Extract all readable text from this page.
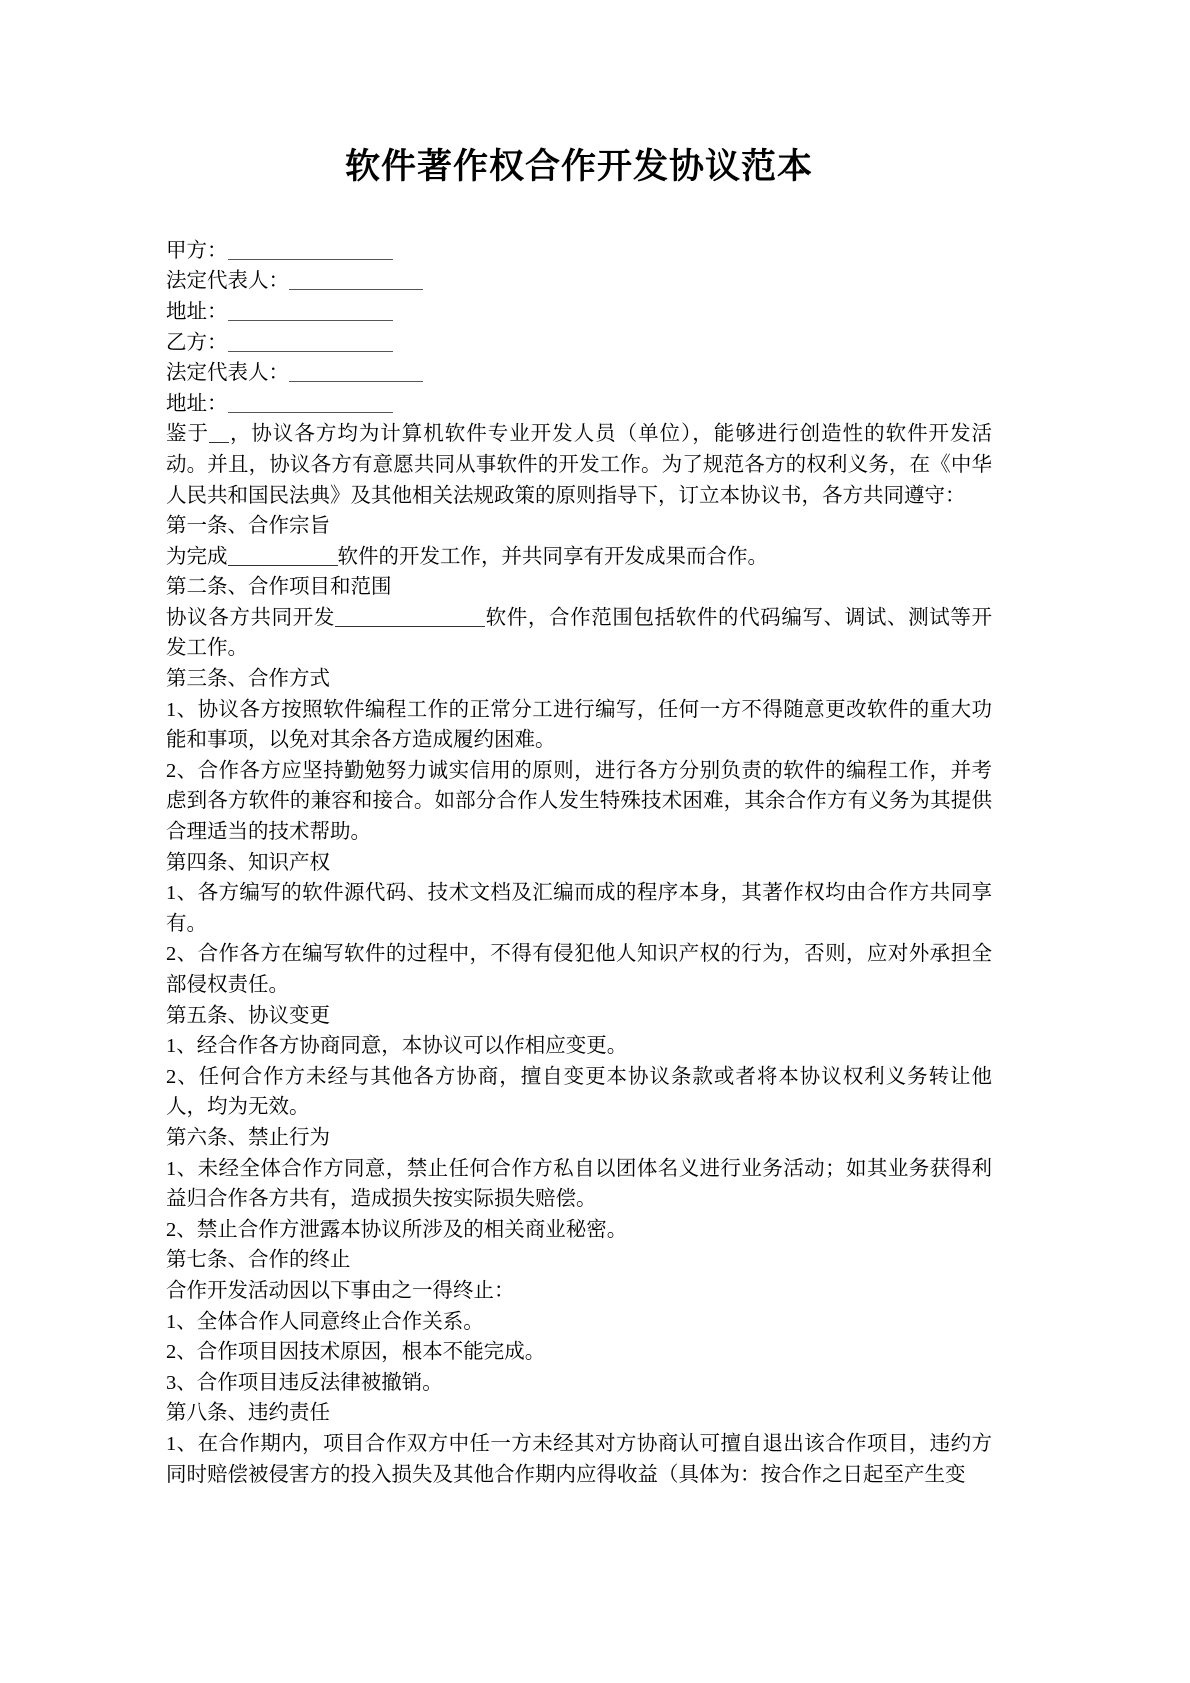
软件著作权合作开发协议范本
甲方：
法定代表人：
地址：
乙方：
法定代表人：
地址：

鉴于 ，协议各方均为计算机软件专业开发人员（单位），能够进行创造性的软件开发活动。并且，协议各方有意愿共同从事软件的开发工作。为了规范各方的权利义务，在《中华人民共和国民法典》及其他相关法规政策的原则指导下，订立本协议书，各方共同遵守：

第一条、合作宗旨

为完成	软件的开发工作，并共同享有开发成果而合作。

第二条、合作项目和范围

协议各方共同开发	软件，合作范围包括软件的代码编写、调试、测试等开发工作。

第三条、合作方式

1、协议各方按照软件编程工作的正常分工进行编写，任何一方不得随意更改软件的重大功能和事项，以免对其余各方造成履约困难。

2、合作各方应坚持勤勉努力诚实信用的原则，进行各方分别负责的软件的编程工作，并考虑到各方软件的兼容和接合。如部分合作人发生特殊技术困难，其余合作方有义务为其提供合理适当的技术帮助。

第四条、知识产权

1、各方编写的软件源代码、技术文档及汇编而成的程序本身，其著作权均由合作方共同享有。

2、合作各方在编写软件的过程中，不得有侵犯他人知识产权的行为，否则，应对外承担全部侵权责任。

第五条、协议变更

1、经合作各方协商同意，本协议可以作相应变更。

2、任何合作方未经与其他各方协商，擅自变更本协议条款或者将本协议权利义务转让他人，均为无效。

第六条、禁止行为

1、未经全体合作方同意，禁止任何合作方私自以团体名义进行业务活动；如其业务获得利益归合作各方共有，造成损失按实际损失赔偿。

2、禁止合作方泄露本协议所涉及的相关商业秘密。

第七条、合作的终止

合作开发活动因以下事由之一得终止：

1、全体合作人同意终止合作关系。

2、合作项目因技术原因，根本不能完成。

3、合作项目违反法律被撤销。

第八条、违约责任

1、在合作期内，项目合作双方中任一方未经其对方协商认可擅自退出该合作项目，违约方同时赔偿被侵害方的投入损失及其他合作期内应得收益（具体为：按合作之日起至产生变
